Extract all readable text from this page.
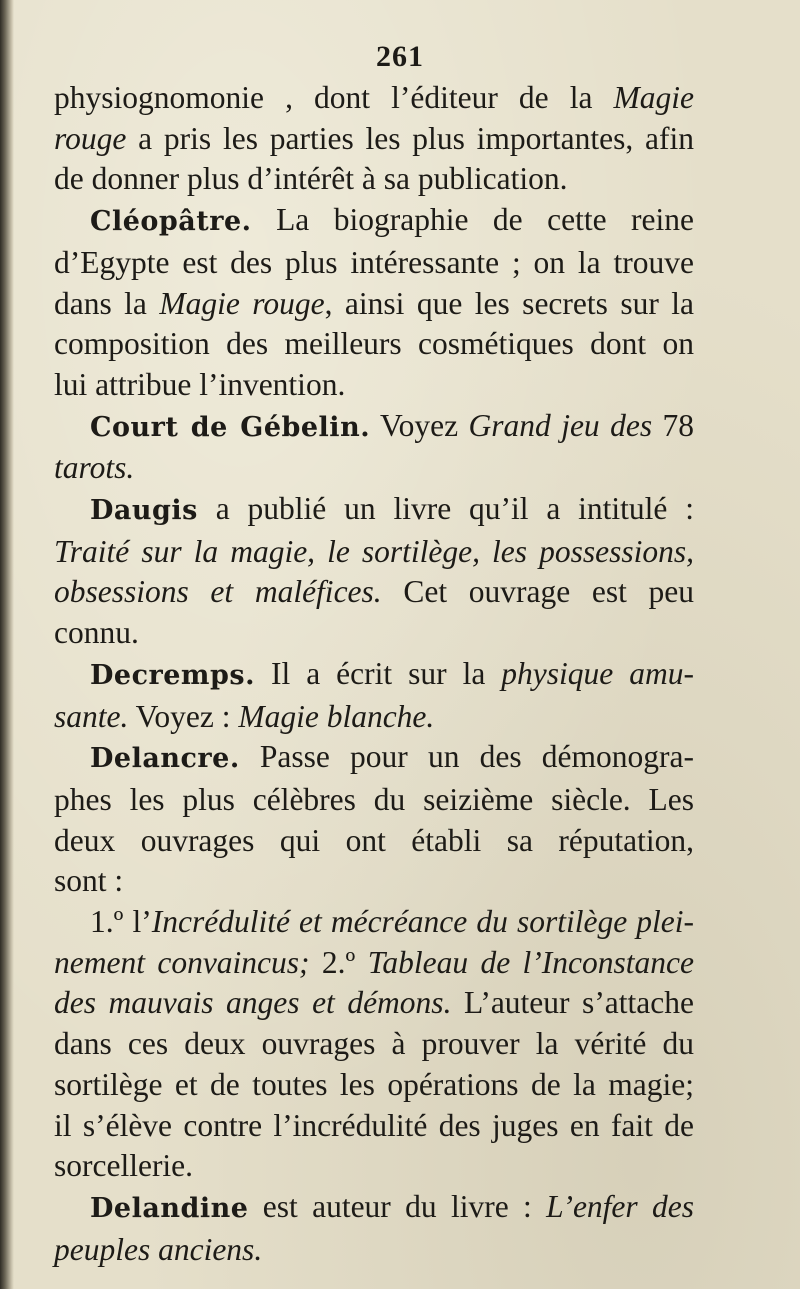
261
physiognomonie , dont l’éditeur de la Magie
rouge a pris les parties les plus importantes, afin
de donner plus d’intérêt à sa publication.
Cléopâtre. La biographie de cette reine
d’Egypte est des plus intéressante ; on la trouve
dans la Magie rouge, ainsi que les secrets sur la
composition des meilleurs cosmétiques dont on
lui attribue l’invention.
Court de Gébelin. Voyez Grand jeu des 78
tarots.
Daugis a publié un livre qu’il a intitulé :
Traité sur la magie, le sortilège, les possessions,
obsessions et maléfices. Cet ouvrage est peu
connu.
Decremps. Il a écrit sur la physique amu-
sante. Voyez : Magie blanche.
Delancre. Passe pour un des démonogra-
phes les plus célèbres du seizième siècle. Les
deux ouvrages qui ont établi sa réputation,
sont :
1.º l’Incrédulité et mécréance du sortilège plei-
nement convaincus; 2.º Tableau de l’Inconstance
des mauvais anges et démons. L’auteur s’attache
dans ces deux ouvrages à prouver la vérité du
sortilège et de toutes les opérations de la magie;
il s’élève contre l’incrédulité des juges en fait de
sorcellerie.
Delandine est auteur du livre : L’enfer des
peuples anciens.
